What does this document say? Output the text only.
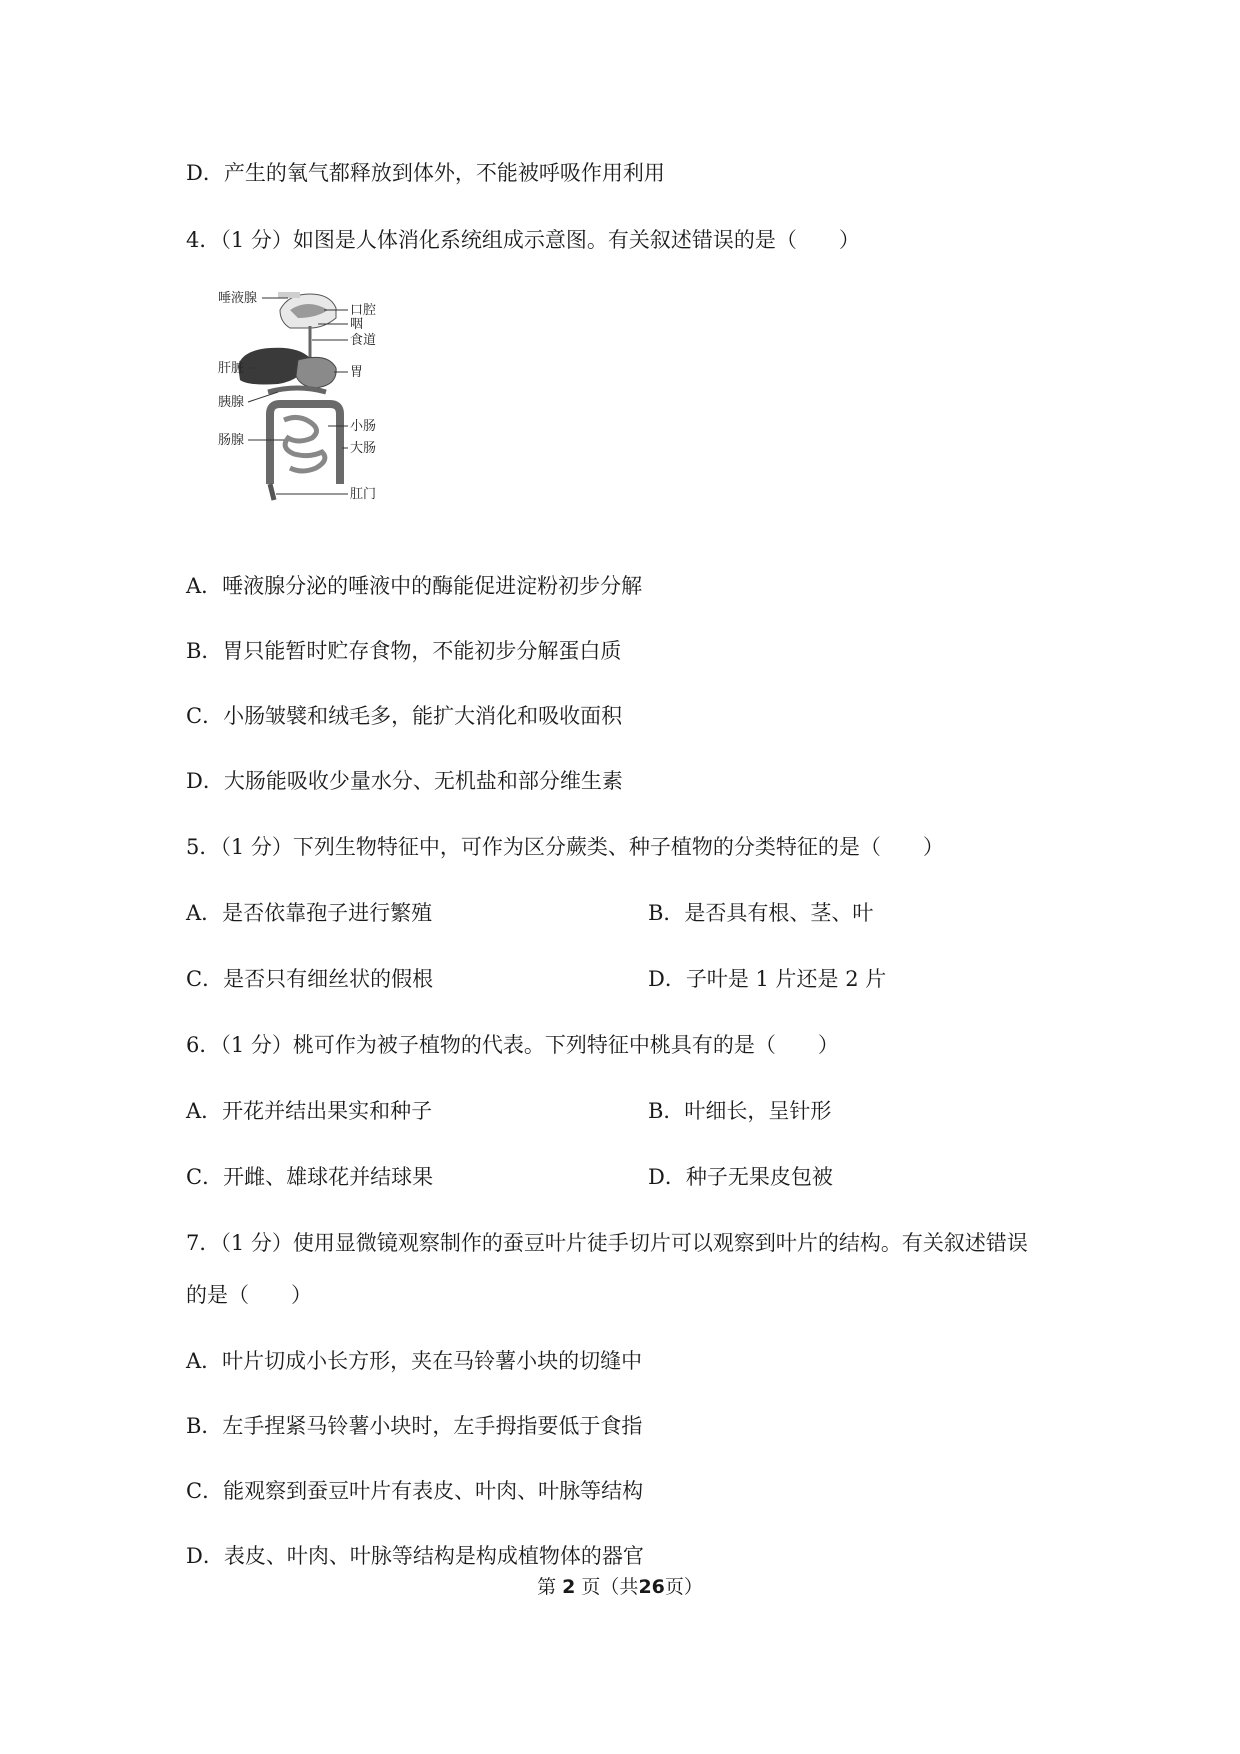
D．产生的氧气都释放到体外，不能被呼吸作用利用
4．（1 分）如图是人体消化系统组成示意图。有关叙述错误的是（　　）
唾液腺
口腔
咽
食道
肝脏	胃
胰腺
小肠
肠腺
大肠
肛门
A．唾液腺分泌的唾液中的酶能促进淀粉初步分解
B．胃只能暂时贮存食物，不能初步分解蛋白质
C．小肠皱襞和绒毛多，能扩大消化和吸收面积
D．大肠能吸收少量水分、无机盐和部分维生素
5．（1 分）下列生物特征中，可作为区分蕨类、种子植物的分类特征的是（　　）
A．是否依靠孢子进行繁殖	B．是否具有根、茎、叶
C．是否只有细丝状的假根	D．子叶是 1 片还是 2 片
6．（1 分）桃可作为被子植物的代表。下列特征中桃具有的是（　　）
A．开花并结出果实和种子	B．叶细长，呈针形
C．开雌、雄球花并结球果	D．种子无果皮包被
7．（1 分）使用显微镜观察制作的蚕豆叶片徒手切片可以观察到叶片的结构。有关叙述错误
的是（　　）
A．叶片切成小长方形，夹在马铃薯小块的切缝中
B．左手捏紧马铃薯小块时，左手拇指要低于食指
C．能观察到蚕豆叶片有表皮、叶肉、叶脉等结构
D．表皮、叶肉、叶脉等结构是构成植物体的器官
第 2 页（共26页）
